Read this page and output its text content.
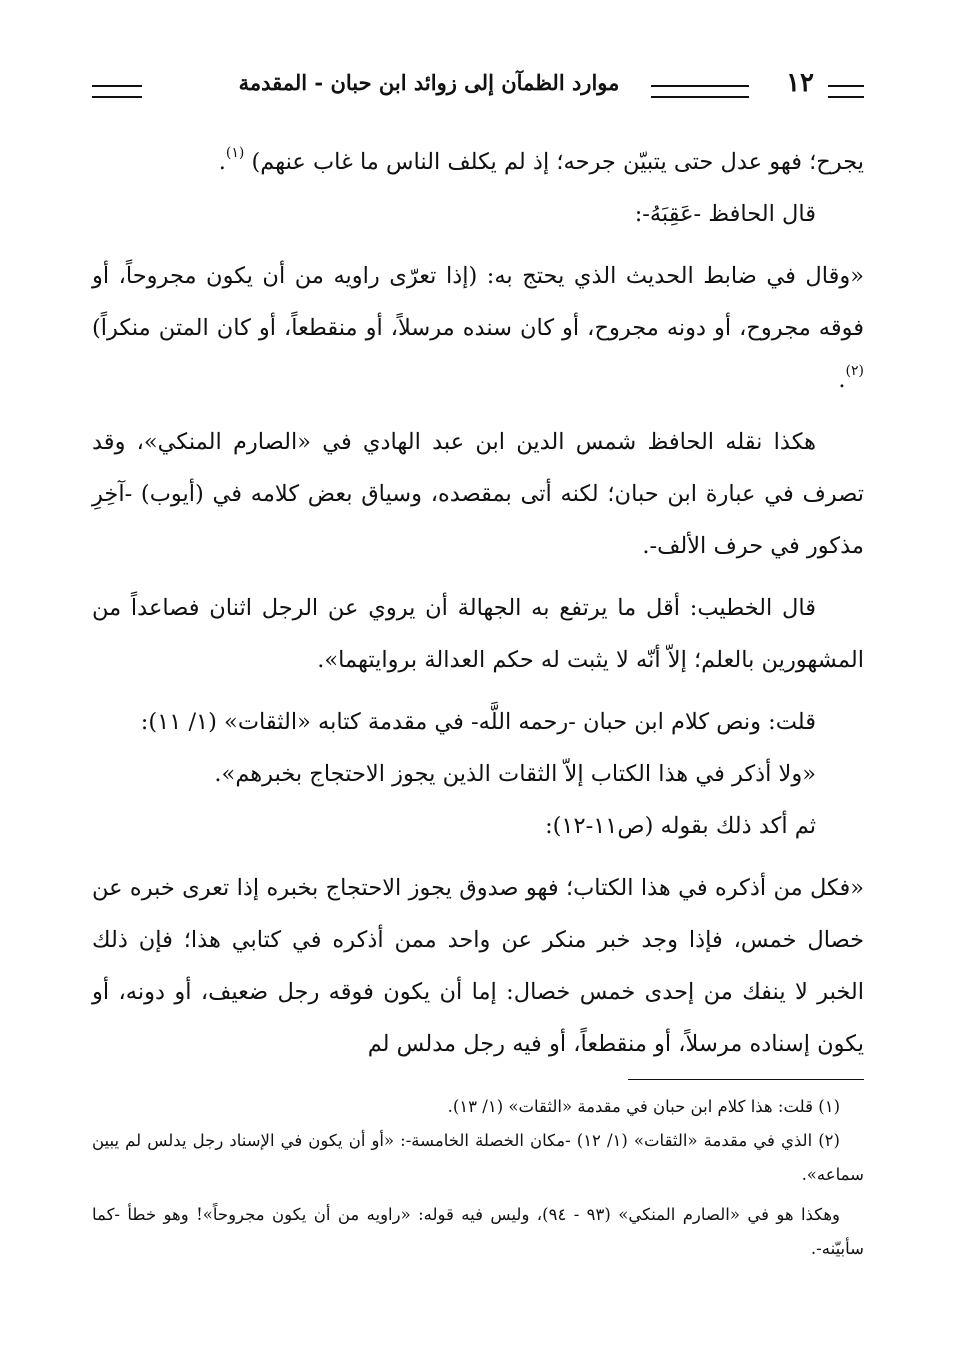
١٢
موارد الظمآن إلى زوائد ابن حبان - المقدمة

يجرح؛ فهو عدل حتى يتبيّن جرحه؛ إذ لم يكلف الناس ما غاب عنهم) $^{(١)}$.

قال الحافظ -عَقِبَهُ-:

«وقال في ضابط الحديث الذي يحتج به: (إذا تعرّى راويه من أن يكون مجروحاً، أو فوقه مجروح، أو دونه مجروح، أو كان سنده مرسلاً، أو منقطعاً، أو كان المتن منكراً) $^{(٢)}$.

هكذا نقله الحافظ شمس الدين ابن عبد الهادي في «الصارم المنكي»، وقد تصرف في عبارة ابن حبان؛ لكنه أتى بمقصده، وسياق بعض كلامه في (أيوب) -آخِرِ مذكور في حرف الألف-.

قال الخطيب: أقل ما يرتفع به الجهالة أن يروي عن الرجل اثنان فصاعداً من المشهورين بالعلم؛ إلاّ أنّه لا يثبت له حكم العدالة بروايتهما».

قلت: ونص كلام ابن حبان -رحمه اللَّه- في مقدمة كتابه «الثقات» (١/ ١١):

«ولا أذكر في هذا الكتاب إلاّ الثقات الذين يجوز الاحتجاج بخبرهم».

ثم أكد ذلك بقوله (ص١١-١٢):

«فكل من أذكره في هذا الكتاب؛ فهو صدوق يجوز الاحتجاج بخبره إذا تعرى خبره عن خصال خمس، فإذا وجد خبر منكر عن واحد ممن أذكره في كتابي هذا؛ فإن ذلك الخبر لا ينفك من إحدى خمس خصال: إما أن يكون فوقه رجل ضعيف، أو دونه، أو يكون إسناده مرسلاً، أو منقطعاً، أو فيه رجل مدلس لم

(١) قلت: هذا كلام ابن حبان في مقدمة «الثقات» (١/ ١٣).

(٢) الذي في مقدمة «الثقات» (١/ ١٢) -مكان الخصلة الخامسة-: «أو أن يكون في الإسناد رجل يدلس لم يبين سماعه».

وهكذا هو في «الصارم المنكي» (٩٣ - ٩٤)، وليس فيه قوله: «راويه من أن يكون مجروحاً»! وهو خطأ -كما سأبيّنه-.
